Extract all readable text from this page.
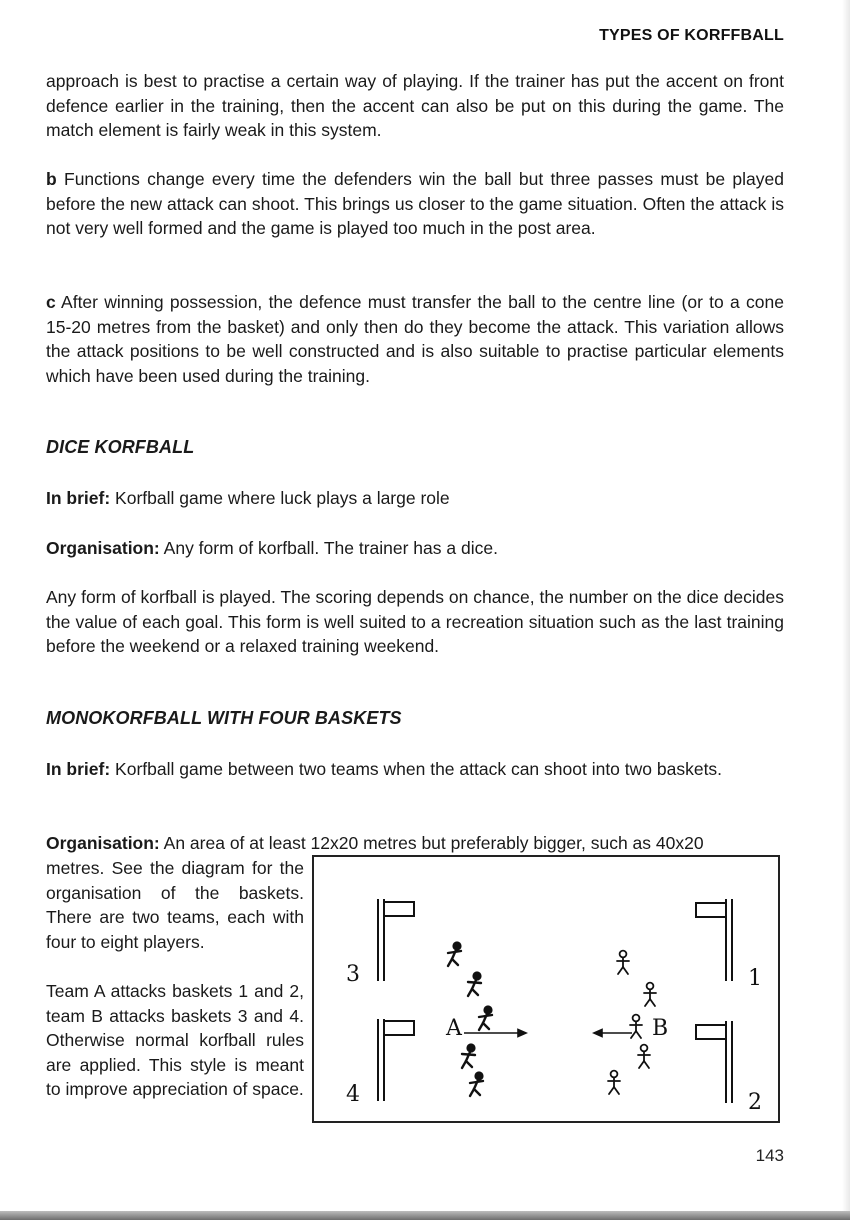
TYPES OF KORFFBALL

approach is best to practise a certain way of playing. If the trainer has put the accent on front defence earlier in the training, then the accent can also be put on this during the game. The match element is fairly weak in this system.

b Functions change every time the defenders win the ball but three passes must be played before the new attack can shoot. This brings us closer to the game situation. Often the attack is not very well formed and the game is played too much in the post area.

c After winning possession, the defence must transfer the ball to the centre line (or to a cone 15-20 metres from the basket) and only then do they become the attack. This variation allows the attack positions to be well constructed and is also suitable to practise particular elements which have been used during the training.

DICE KORFBALL

In brief: Korfball game where luck plays a large role

Organisation: Any form of korfball. The trainer has a dice.

Any form of korfball is played. The scoring depends on chance, the number on the dice decides the value of each goal. This form is well suited to a recreation situation such as the last training before the weekend or a relaxed training weekend.

MONOKORFBALL WITH FOUR BASKETS

In brief: Korfball game between two teams when the attack can shoot into two baskets.

Organisation: An area of at least 12x20 metres but preferably bigger, such as 40x20

metres. See the diagram for the organisation of the baskets. There are two teams, each with four to eight players.

Team A attacks baskets 1 and 2, team B attacks baskets 3 and 4. Otherwise normal korfball rules are applied. This style is meant to improve appreciation of space.

3
4
1
2
A	B
143
